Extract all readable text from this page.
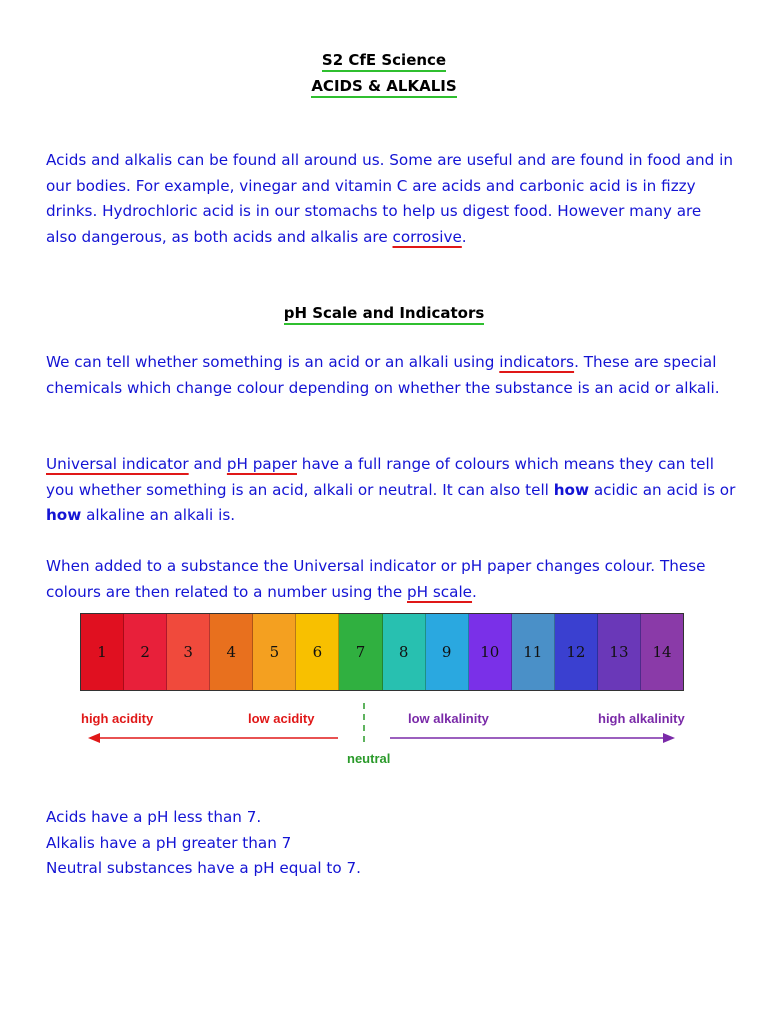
S2 CfE Science
ACIDS & ALKALIS

Acids and alkalis can be found all around us. Some are useful and are found in food and in our bodies. For example, vinegar and vitamin C are acids and carbonic acid is in fizzy drinks. Hydrochloric acid is in our stomachs to help us digest food. However many are also dangerous, as both acids and alkalis are corrosive.

pH Scale and Indicators

We can tell whether something is an acid or an alkali using indicators. These are special chemicals which change colour depending on whether the substance is an acid or alkali.

Universal indicator and pH paper have a full range of colours which means they can tell you whether something is an acid, alkali or neutral. It can also tell how acidic an acid is or how alkaline an alkali is.

When added to a substance the Universal indicator or pH paper changes colour. These colours are then related to a number using the pH scale.

1	2	3	4	5	6	7	8	9	10	11	12	13	14
high acidity	low acidity	low alkalinity	high alkalinity
neutral

Acids have a pH less than 7.
Alkalis have a pH greater than 7
Neutral substances have a pH equal to 7.
